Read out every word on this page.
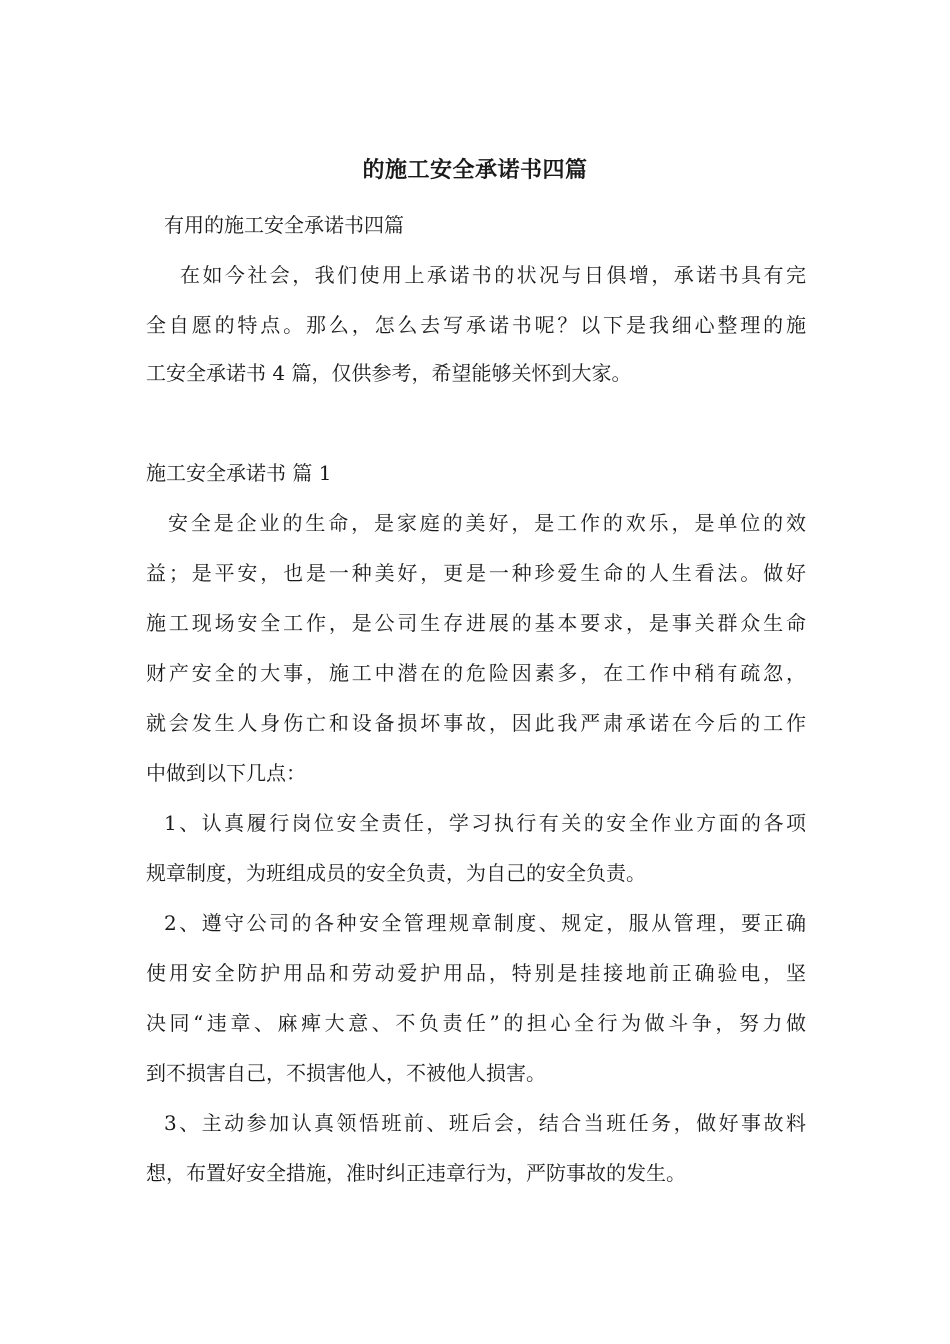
的施工安全承诺书四篇
有用的施工安全承诺书四篇
在如今社会，我们使用上承诺书的状况与日俱增，承诺书具有完
全自愿的特点。那么，怎么去写承诺书呢？以下是我细心整理的施
工安全承诺书 4 篇，仅供参考，希望能够关怀到大家。
施工安全承诺书 篇 1
安全是企业的生命，是家庭的美好，是工作的欢乐，是单位的效
益；是平安，也是一种美好，更是一种珍爱生命的人生看法。做好
施工现场安全工作，是公司生存进展的基本要求，是事关群众生命
财产安全的大事，施工中潜在的危险因素多，在工作中稍有疏忽，
就会发生人身伤亡和设备损坏事故，因此我严肃承诺在今后的工作
中做到以下几点：
1、认真履行岗位安全责任，学习执行有关的安全作业方面的各项
规章制度，为班组成员的安全负责，为自己的安全负责。
2、遵守公司的各种安全管理规章制度、规定，服从管理，要正确
使用安全防护用品和劳动爱护用品，特别是挂接地前正确验电，坚
决同“违章、麻痺大意、不负责任”的担心全行为做斗争，努力做
到不损害自己，不损害他人，不被他人损害。
3、主动参加认真领悟班前、班后会，结合当班任务，做好事故料
想，布置好安全措施，准时纠正违章行为，严防事故的发生。
